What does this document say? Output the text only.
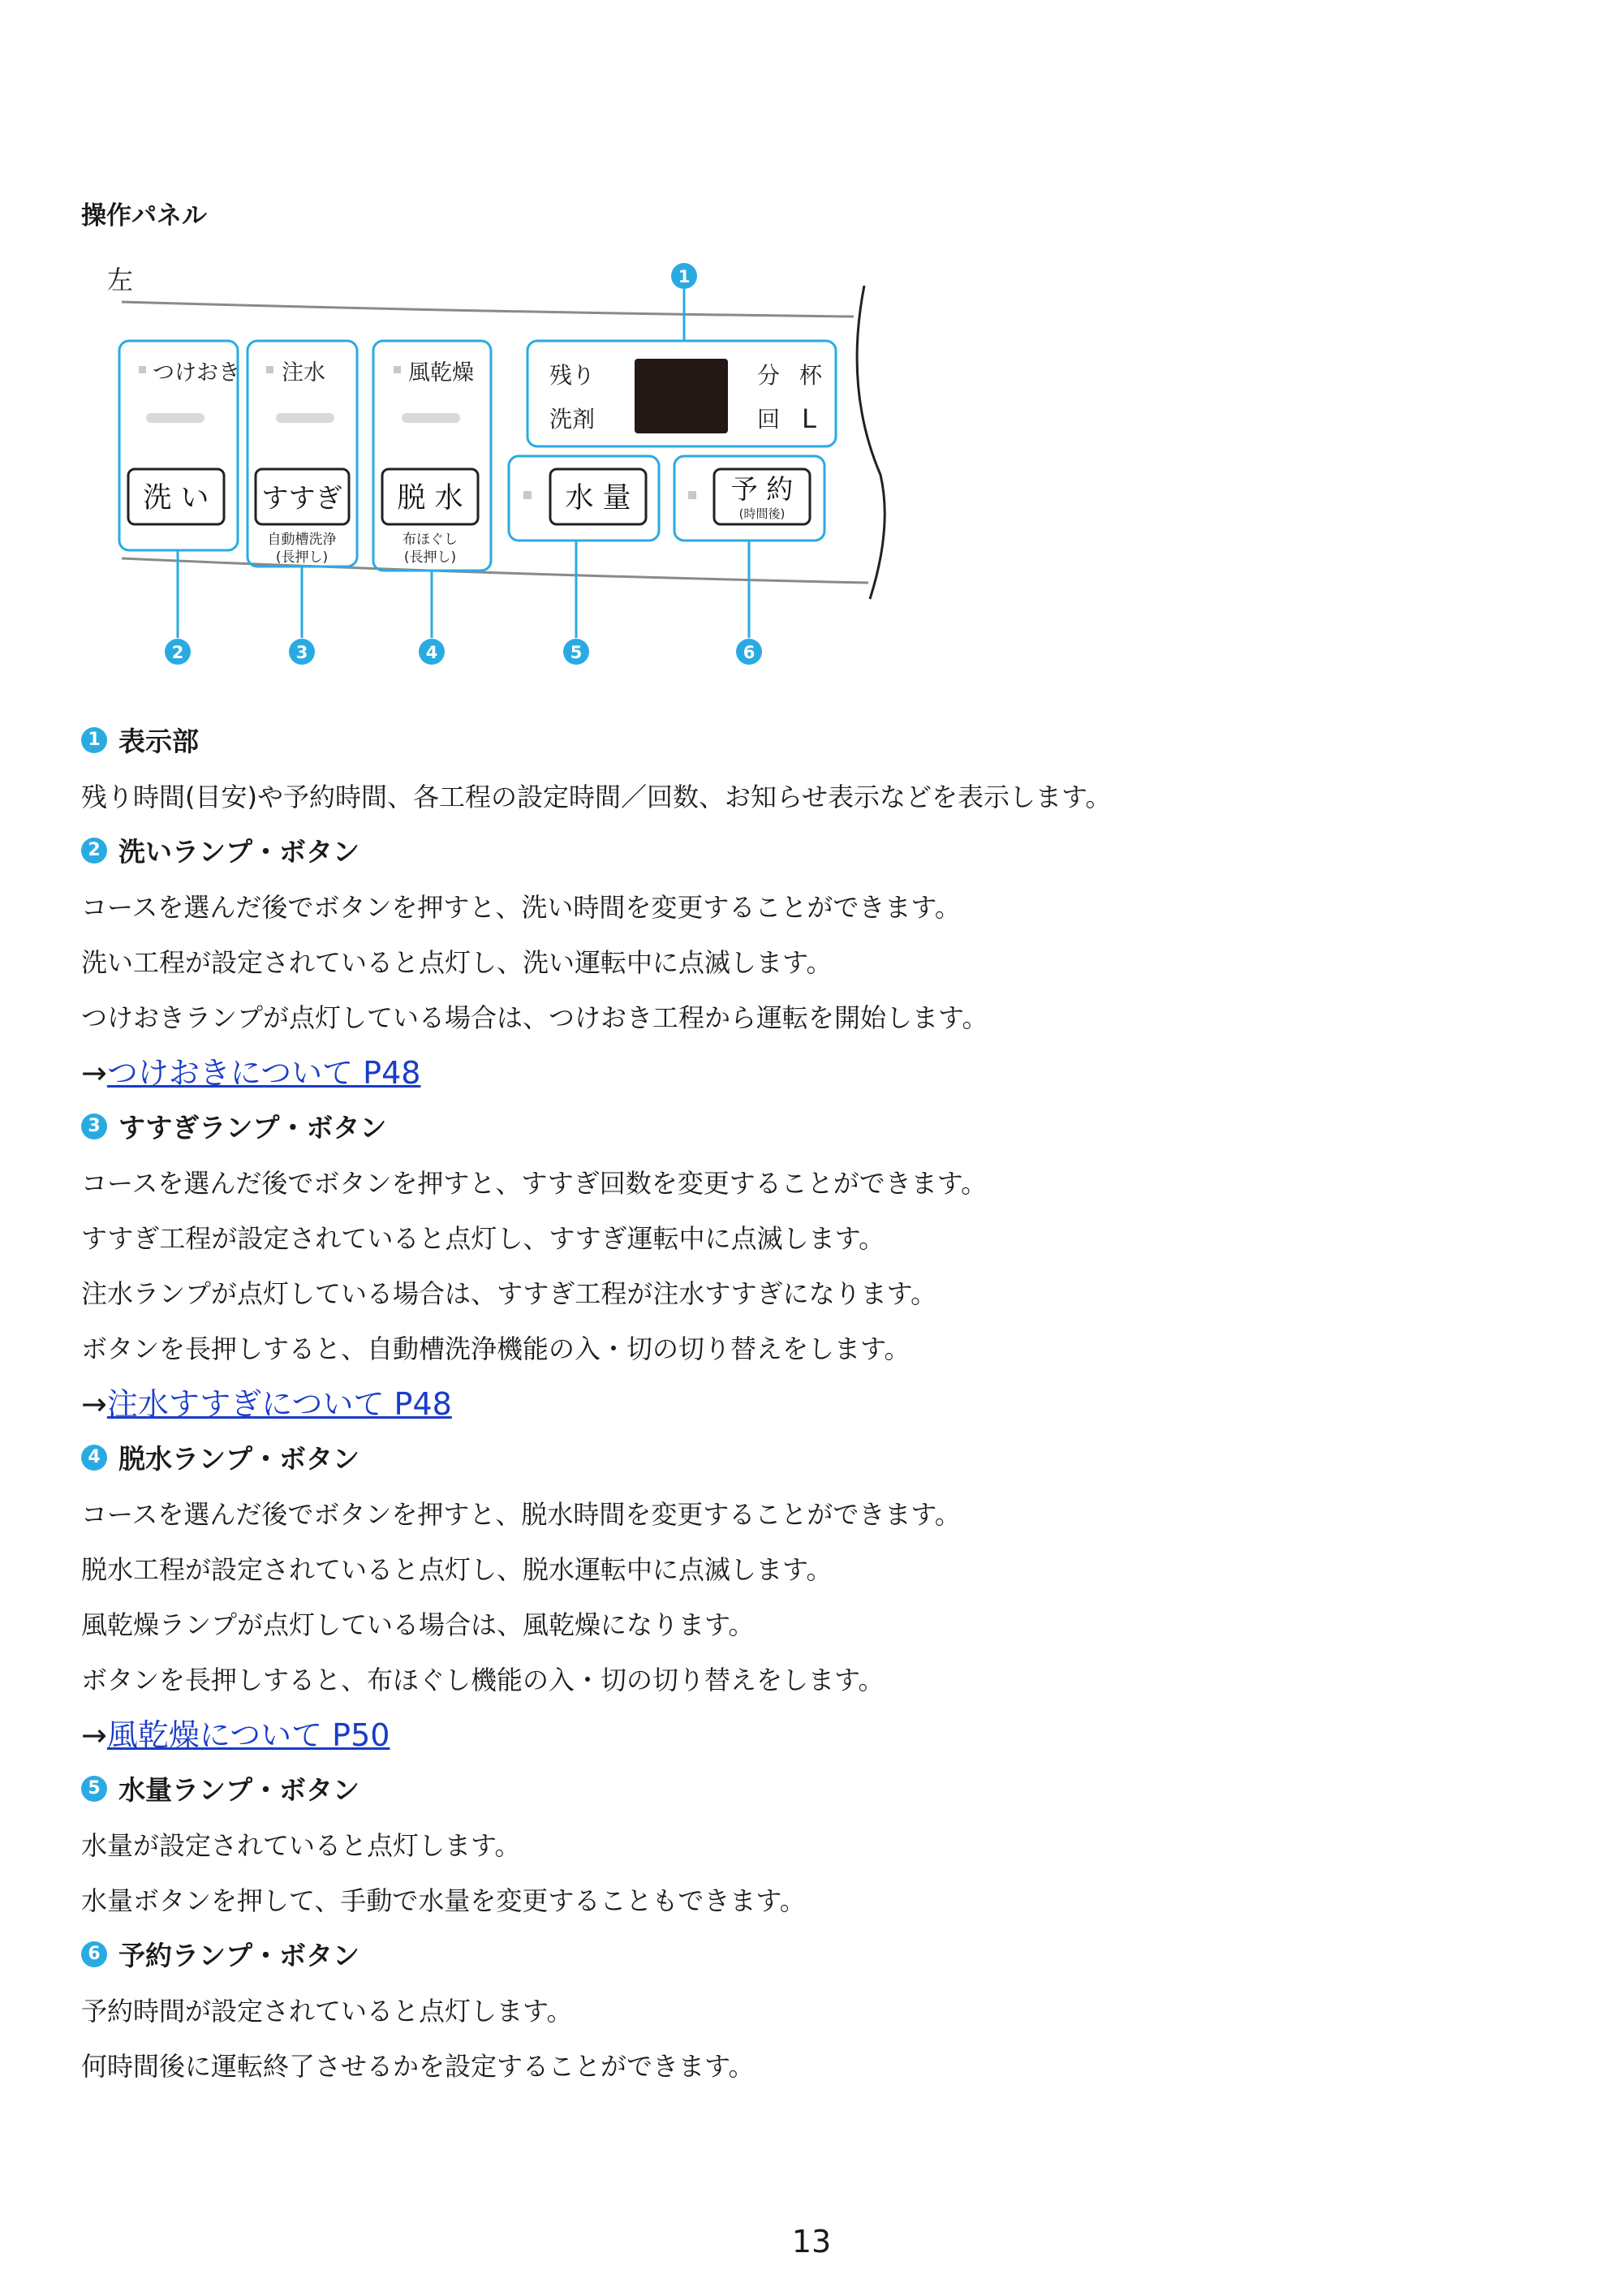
操作パネル
左	1
つけおき 注水	風乾燥
洗 い すすぎ
自動槽洗浄
(長押し)
脱 水
布ほぐし
(長押し)
水 量	予 約
(時間後)
残り
洗剤
分 杯
回 L
2	3	4	5	6
1 表示部
残り時間(目安)や予約時間、各工程の設定時間／回数、お知らせ表示などを表示します。
2 洗いランプ・ボタン
コースを選んだ後でボタンを押すと、洗い時間を変更することができます。
洗い工程が設定されていると点灯し、洗い運転中に点滅します。
つけおきランプが点灯している場合は、つけおき工程から運転を開始します。
→つけおきについて P48
3 すすぎランプ・ボタン
コースを選んだ後でボタンを押すと、すすぎ回数を変更することができます。
すすぎ工程が設定されていると点灯し、すすぎ運転中に点滅します。
注水ランプが点灯している場合は、すすぎ工程が注水すすぎになります。
ボタンを長押しすると、自動槽洗浄機能の入・切の切り替えをします。
→注水すすぎについて P48
4 脱水ランプ・ボタン
コースを選んだ後でボタンを押すと、脱水時間を変更することができます。
脱水工程が設定されていると点灯し、脱水運転中に点滅します。
風乾燥ランプが点灯している場合は、風乾燥になります。
ボタンを長押しすると、布ほぐし機能の入・切の切り替えをします。
→風乾燥について P50
5 水量ランプ・ボタン
水量が設定されていると点灯します。
水量ボタンを押して、手動で水量を変更することもできます。
6 予約ランプ・ボタン
予約時間が設定されていると点灯します。
何時間後に運転終了させるかを設定することができます。
13
